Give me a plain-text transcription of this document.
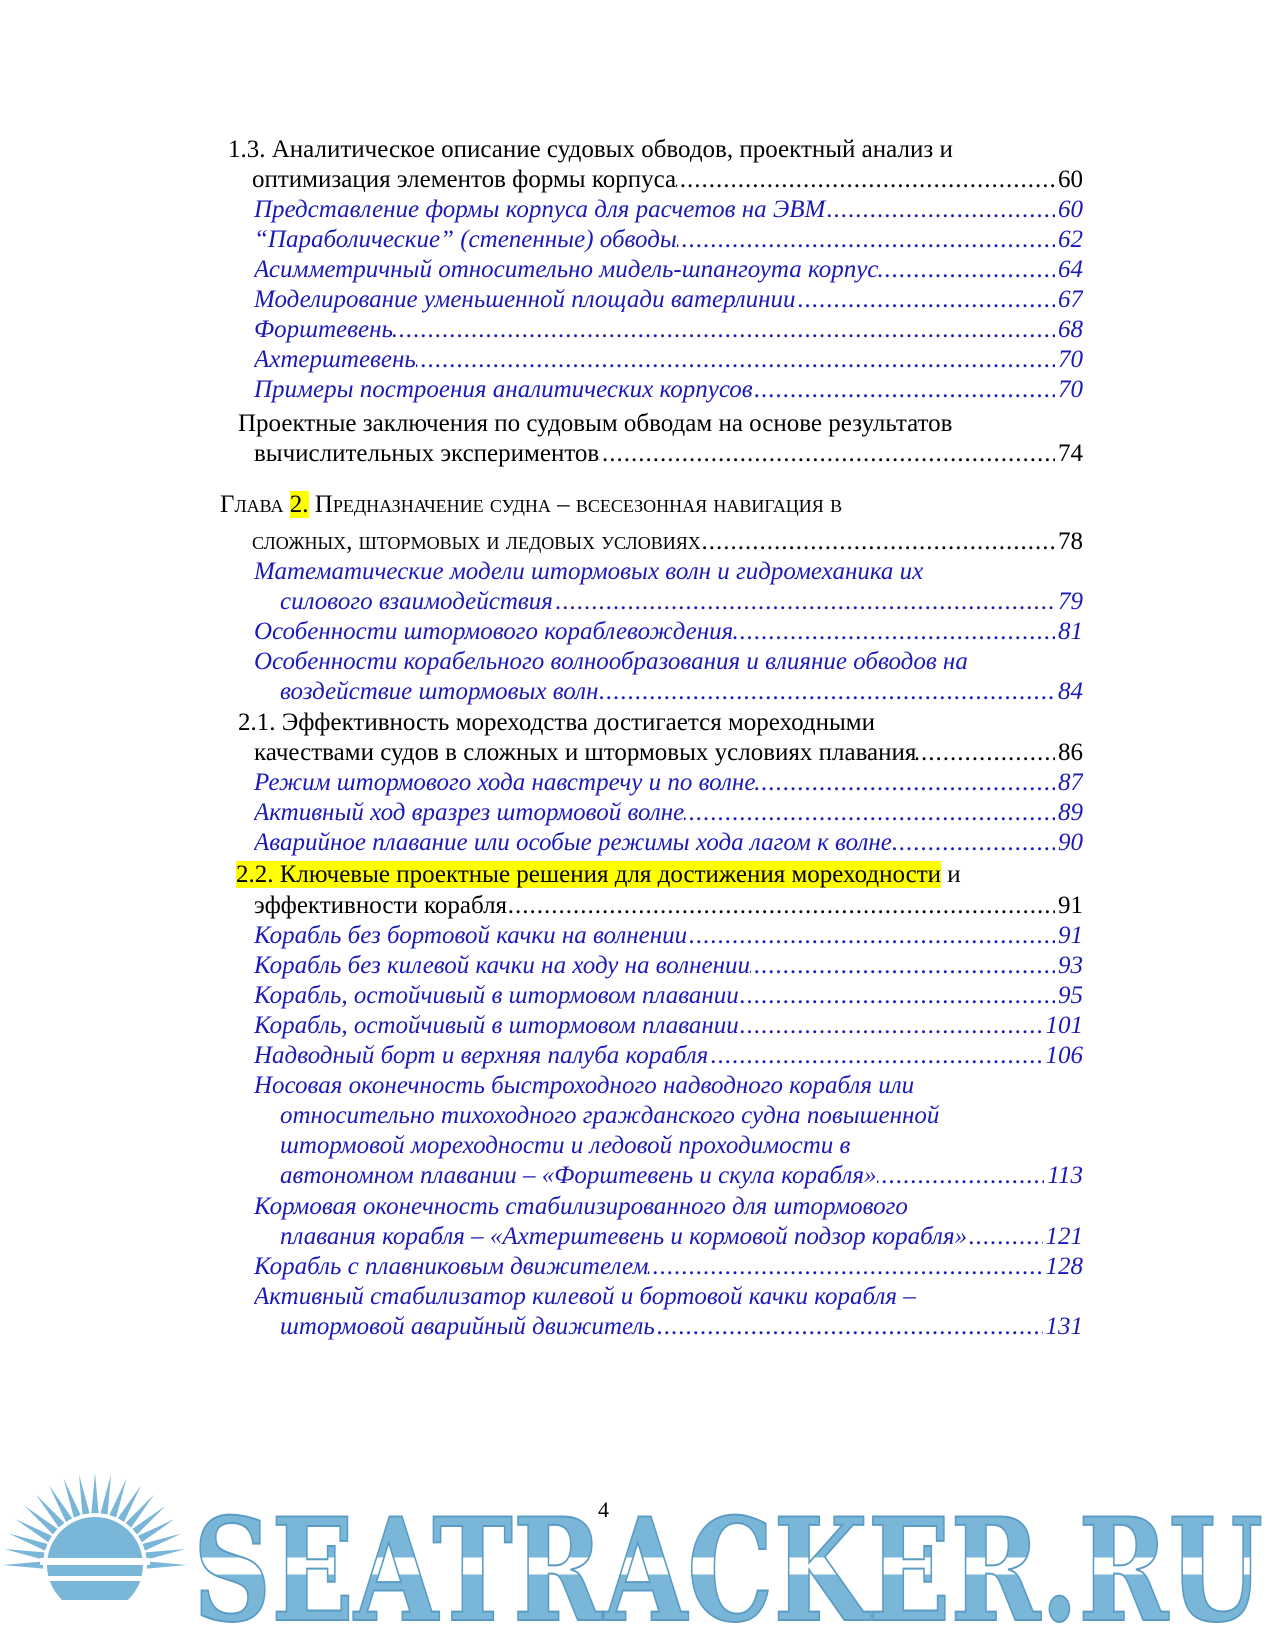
1.3. Аналитическое описание судовых обводов, проектный анализ и
..... оптимизация элементов формы корпуса	60
..... Представление формы корпуса для расчетов на ЭВМ	60
..... “Параболические” (степенные) обводы	62
..... Асимметричный относительно мидель-шпангоута корпус	64
..... Моделирование уменьшенной площади ватерлинии	67
..... Форштевень	68
..... Ахтерштевень	70
..... Примеры построения аналитических корпусов	70
Проектные заключения по судовым обводам на основе результатов
..... вычислительных экспериментов	74
Глава 2. Предназначение судна – всесезонная навигация в
..... сложных, штормовых и ледовых условиях	78
Математические модели штормовых волн и гидромеханика их
..... силового взаимодействия	79
..... Особенности штормового кораблевождения	81
Особенности корабельного волнообразования и влияние обводов на
..... воздействие штормовых волн	84
2.1. Эффективность мореходства достигается мореходными
..... качествами судов в сложных и штормовых условиях плавания	86
..... Режим штормового хода навстречу и по волне	87
..... Активный ход вразрез штормовой волне	89
..... Аварийное плавание или особые режимы хода лагом к волне	90
2.2. Ключевые проектные решения для достижения мореходности и
..... эффективности корабля	91
..... Корабль без бортовой качки на волнении	91
..... Корабль без килевой качки на ходу на волнении	93
..... Корабль, остойчивый в штормовом плавании	95
..... Корабль, остойчивый в штормовом плавании	101
..... Надводный борт и верхняя палуба корабля	106
Носовая оконечность быстроходного надводного корабля или
относительно тихоходного гражданского судна повышенной
штормовой мореходности и ледовой проходимости в
..... автономном плавании – «Форштевень и скула корабля»	113
Кормовая оконечность стабилизированного для штормового
..... плавания корабля – «Ахтерштевень и кормовой подзор корабля»	121
..... Корабль с плавниковым движителем	128
Активный стабилизатор килевой и бортовой качки корабля –
..... штормовой аварийный движитель	131
4
SEATRACKER.RU
